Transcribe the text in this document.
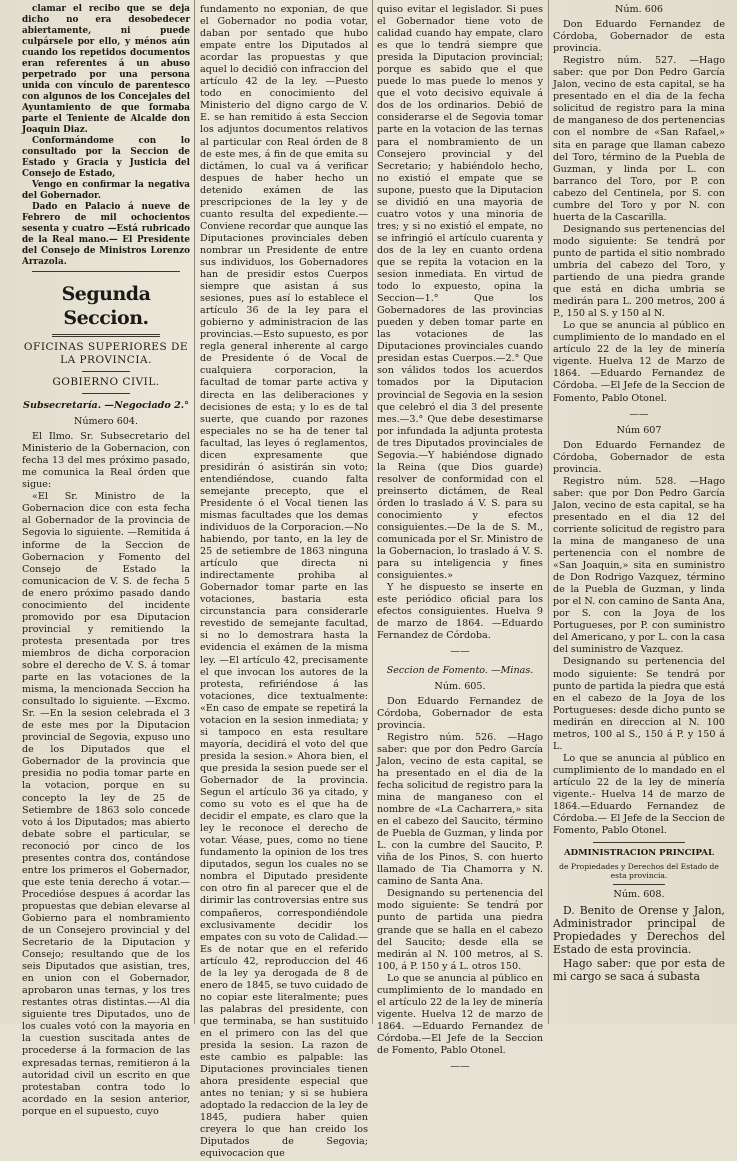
clamar el recibo que se deja dicho no era desobedecer abiertamente, ni puede culpársele por ello, y ménos aún cuando los repetidos documentos eran referentes á un abuso perpetrado por una persona unida con vínculo de parentesco con algunos de los Concejales del Ayuntamiento de que formaba parte el Teniente de Alcalde don Joaquin Diaz.

Conformándome con lo consultado por la Seccion de Estado y Gracia y Justicia del Consejo de Estado,

Vengo en confirmar la negativa del Gobernador.

Dado en Palacio á nueve de Febrero de mil ochocientos sesenta y cuatro —Está rubricado de la Real mano.— El Presidente del Consejo de Ministros Lorenzo Arrazola.

Segunda Seccion.
OFICINAS SUPERIORES DE LA PROVINCIA.
GOBIERNO CIVIL.

Subsecretaría. —Negociado 2.°

Número 604.

El Ilmo. Sr. Subsecretario del Ministerio de la Gobernacion, con fecha 13 del mes próximo pasado, me comunica la Real órden que sigue:

«El Sr. Ministro de la Gobernacion dice con esta fecha al Gobernador de la provincia de Segovia lo siguiente. —Remitida á informe de la Seccion de Gobernacion y Fomento del Consejo de Estado la comunicacion de V. S. de fecha 5 de enero próximo pasado dando conocimiento del incidente promovido por esa Diputacion provincial y remitiendo la protesta presentada por tres miembros de dicha corporacion sobre el derecho de V. S. á tomar parte en las votaciones de la misma, la mencionada Seccion ha consultado lo siguiente. —Excmo. Sr. —En la sesion celebrada el 3 de este mes por la Diputacion provincial de Segovia, expuso uno de los Diputados que el Gobernador de la provincia que presidia no podia tomar parte en la votacion, porque en su concepto la ley de 25 de Setiembre de 1863 solo concede voto á los Diputados; mas abierto debate sobre el particular, se reconoció por cinco de los presentes contra dos, contándose entre los primeros el Gobernador, que este tenia derecho á votar.—Procedióse despues á acordar las propuestas que debian elevarse al Gobierno para el nombramiento de un Consejero provincial y del Secretario de la Diputacion y Consejo; resultando que de los seis Diputados que asistian, tres, en union con el Gobernador, aprobaron unas ternas, y los tres restantes otras distintas.—-Al dia siguiente tres Diputados, uno de los cuales votó con la mayoria en la cuestion suscitada antes de procederse á la formacion de las expresadas ternas, remitieron á la autoridad civil un escrito en que protestaban contra todo lo acordado en la sesion anterior, porque en el supuesto, cuyo

fundamento no exponian, de que el Gobernador no podia votar, daban por sentado que hubo empate entre los Diputados al acordar las propuestas y que aquel lo decidió con infraccion del artículo 42 de la ley. —Puesto todo en conocimiento del Ministerio del digno cargo de V. E. se han remitido á esta Seccion los adjuntos documentos relativos al particular con Real órden de 8 de este mes, á fin de que emita su dictámen, lo cual va á verificar despues de haber hecho un detenido exámen de las prescripciones de la ley y de cuanto resulta del expediente.—Conviene recordar que aunque las Diputaciones provinciales deben nombrar un Presidente de entre sus individuos, los Gobernadores han de presidir estos Cuerpos siempre que asistan á sus sesiones, pues así lo establece el artículo 36 de la ley para el gobierno y administracion de las provincias.—Esto supuesto, es por regla general inherente al cargo de Presidente ó de Vocal de cualquiera corporacion, la facultad de tomar parte activa y directa en las deliberaciones y decisiones de esta; y lo es de tal suerte, que cuando por razones especiales no se ha de tener tal facultad, las leyes ó reglamentos, dicen expresamente que presidirán ó asistirán sin voto; entendiéndose, cuando falta semejante precepto, que el Presidente ó el Vocal tienen las mismas facultades que los demas individuos de la Corporacion.—No habiendo, por tanto, en la ley de 25 de setiembre de 1863 ninguna artículo que directa ni indirectamente prohiba al Gobernador tomar parte en las votaciones, bastaria esta circunstancia para considerarle revestido de semejante facultad, si no lo demostrara hasta la evidencia el exámen de la misma ley. —El artículo 42, precisamente el que invocan los autores de la protesta, refiriéndose á las votaciones, dice textualmente: «En caso de empate se repetirá la votacion en la sesion inmediata; y si tampoco en esta resultare mayoría, decidirá el voto del que presida la sesion.» Ahora bien, el que presida la sesion puede ser el Gobernador de la provincia. Segun el artículo 36 ya citado, y como su voto es el que ha de decidir el empate, es claro que la ley le reconoce el derecho de votar. Véase, pues, como no tiene fundamento la opinion de los tres diputados, segun los cuales no se nombra el Diputado presidente con otro fin al parecer que el de dirimir las controversias entre sus compañeros, correspondiéndole exclusivamente decidir los empates con su voto de Calidad.—Es de notar que en el referido artículo 42, reproduccion del 46 de la ley ya derogada de 8 de enero de 1845, se tuvo cuidado de no copiar este literalmente; pues las palabras del presidente, con que terminaba, se han sustituido en el primero con las del que presida la sesion. La razon de este cambio es palpable: las Diputaciones provinciales tienen ahora presidente especial que antes no tenian; y si se hubiera adoptado la redaccion de la ley de 1845, pudiera haber quien creyera lo que han creido los Diputados de Segovia; equivocacion que

quiso evitar el legislador. Si pues el Gobernador tiene voto de calidad cuando hay empate, claro es que lo tendrá siempre que presida la Diputacion provincial; porque es sabido que el que puede lo mas puede lo menos y que el voto decisivo equivale á dos de los ordinarios. Debió de considerarse el de Segovia tomar parte en la votacion de las ternas para el nombramiento de un Consejero provincial y del Secretario; y habiéndolo hecho, no existió el empate que se supone, puesto que la Diputacion se dividió en una mayoria de cuatro votos y una minoria de tres; y si no existió el empate, no se infringió el artículo cuarenta y dos de la ley en cuanto ordena que se repita la votacion en la sesion inmediata. En virtud de todo lo expuesto, opina la Seccion—1.° Que los Gobernadores de las provincias pueden y deben tomar parte en las votaciones de las Diputaciones provinciales cuando presidan estas Cuerpos.—2.° Que son válidos todos los acuerdos tomados por la Diputacion provincial de Segovia en la sesion que celebró el dia 3 del presente mes.—3.° Que debe desestimarse por infundada la adjunta protesta de tres Diputados provinciales de Segovia.—Y habiéndose dignado la Reina (que Dios guarde) resolver de conformidad con el preinserto dictámen, de Real órden lo traslado á V. S. para su conocimiento y efectos consiguientes.—De la de S. M., comunicada por el Sr. Ministro de la Gobernacion, lo traslado á V. S. para su inteligencia y fines consiguientes.»

Y he dispuesto se inserte en este periódico oficial para los efectos consiguientes. Huelva 9 de marzo de 1864. —Eduardo Fernandez de Córdoba.

——

Seccion de Fomento. —Minas.

Núm. 605.

Don Eduardo Fernandez de Córdoba, Gobernador de esta provincia.

Registro núm. 526. —Hago saber: que por don Pedro García Jalon, vecino de esta capital, se ha presentado en el dia de la fecha solicitud de registro para la mina de manganeso con el nombre de «La Cacharrera,» sita en el cabezo del Saucito, término de Puebla de Guzman, y linda por L. con la cumbre del Saucito, P. viña de los Pinos, S. con huerto llamado de Tia Chamorra y N. camino de Santa Ana.

Designando su pertenencia del modo siguiente: Se tendrá por punto de partida una piedra grande que se halla en el cabezo del Saucito; desde ella se medirán al N. 100 metros, al S. 100, á P. 150 y á L. otros 150.

Lo que se anuncia al público en cumplimiento de lo mandado en el artículo 22 de la ley de minería vigente. Huelva 12 de marzo de 1864. —Eduardo Fernandez de Córdoba.—El Jefe de la Seccion de Fomento, Pablo Otonel.

——

Núm. 606

Don Eduardo Fernandez de Córdoba, Gobernador de esta provincia.

Registro núm. 527. —Hago saber: que por Don Pedro García Jalon, vecino de esta capital, se ha presentado en el dia de la fecha solicitud de registro para la mina de manganeso de dos pertenencias con el nombre de «San Rafael,» sita en parage que llaman cabezo del Toro, término de la Puebla de Guzman, y linda por L. con barranco del Toro, por P. con cabezo del Centinela, por S. con cumbre del Toro y por N. con huerta de la Cascarilla.

Designando sus pertenencias del modo siguiente: Se tendrá por punto de partida el sitio nombrado umbria del cabezo del Toro, y partiendo de una piedra grande que está en dicha umbria se medirán para L. 200 metros, 200 á P., 150 al S. y 150 al N.

Lo que se anuncia al público en cumplimiento de lo mandado en el artículo 22 de la ley de minería vigente. Huelva 12 de Marzo de 1864. —Eduardo Fernandez de Córdoba. —El Jefe de la Seccion de Fomento, Pablo Otonel.

——

Núm 607

Don Eduardo Fernandez de Córdoba, Gobernador de esta provincia.

Registro núm. 528. —Hago saber: que por Don Pedro García Jalon, vecino de esta capital, se ha presentado en el dia 12 del corriente solicitud de registro para la mina de manganeso de una pertenencia con el nombre de «San Joaquin,» sita en suministro de Don Rodrigo Vazquez, término de la Puebla de Guzman, y linda por el N. con camino de Santa Ana, por S. con la Joya de los Portugueses, por P. con suministro del Americano, y por L. con la casa del suministro de Vazquez.

Designando su pertenencia del modo siguiente: Se tendrá por punto de partida la piedra que está en el cabezo de la Joya de los Portugueses: desde dicho punto se medirán en direccion al N. 100 metros, 100 al S., 150 á P. y 150 á L.

Lo que se anuncia al público en cumplimiento de lo mandado en el artículo 22 de la ley de minería vigente.- Huelva 14 de marzo de 1864.—Eduardo Fernandez de Córdoba.— El Jefe de la Seccion de Fomento, Pablo Otonel.

ADMINISTRACION PRINCIPAL

de Propiedades y Derechos del Estado de esta provincia.

Núm. 608.

D. Benito de Orense y Jalon, Administrador principal de Propiedades y Derechos del Estado de esta provincia.

Hago saber: que por esta de mi cargo se saca á subasta
